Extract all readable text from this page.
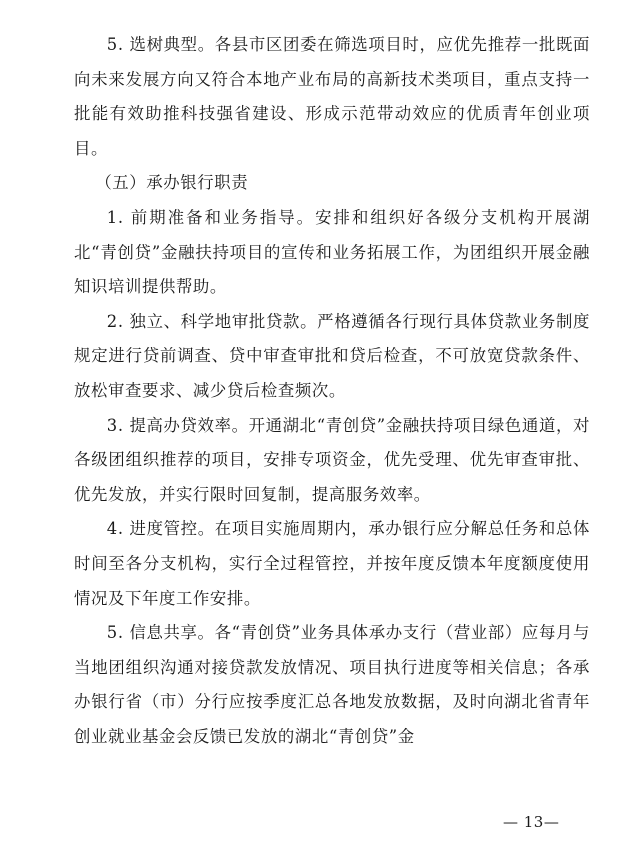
5. 选树典型。各县市区团委在筛选项目时，应优先推荐一批既面向未来发展方向又符合本地产业布局的高新技术类项目，重点支持一批能有效助推科技强省建设、形成示范带动效应的优质青年创业项目。

（五）承办银行职责

1. 前期准备和业务指导。安排和组织好各级分支机构开展湖北“青创贷”金融扶持项目的宣传和业务拓展工作，为团组织开展金融知识培训提供帮助。

2. 独立、科学地审批贷款。严格遵循各行现行具体贷款业务制度规定进行贷前调查、贷中审查审批和贷后检查，不可放宽贷款条件、放松审查要求、减少贷后检查频次。

3. 提高办贷效率。开通湖北“青创贷”金融扶持项目绿色通道，对各级团组织推荐的项目，安排专项资金，优先受理、优先审查审批、优先发放，并实行限时回复制，提高服务效率。

4. 进度管控。在项目实施周期内，承办银行应分解总任务和总体时间至各分支机构，实行全过程管控，并按年度反馈本年度额度使用情况及下年度工作安排。

5. 信息共享。各“青创贷”业务具体承办支行（营业部）应每月与当地团组织沟通对接贷款发放情况、项目执行进度等相关信息；各承办银行省（市）分行应按季度汇总各地发放数据，及时向湖北省青年创业就业基金会反馈已发放的湖北“青创贷”金

— 13—
